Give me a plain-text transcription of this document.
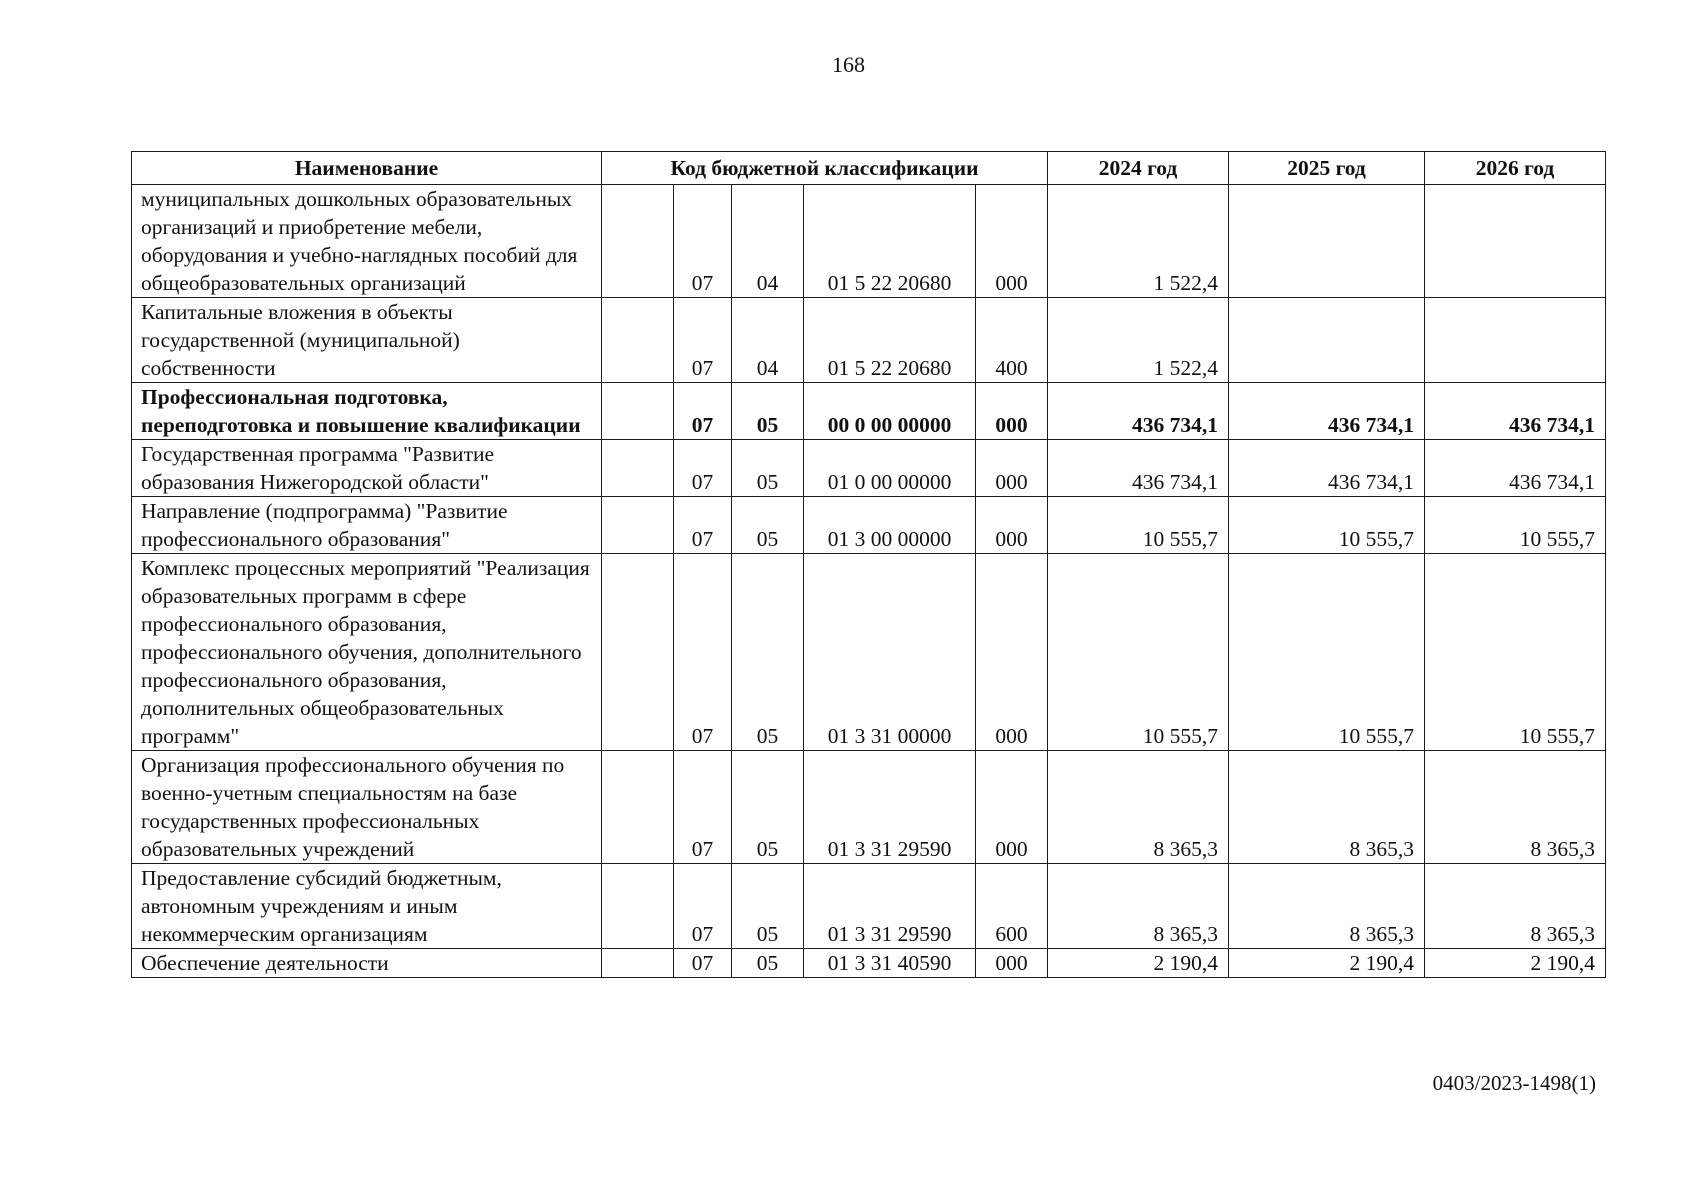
168
Наименование	Код бюджетной классификации					2024 год	2025 год	2026 год
муниципальных дошкольных образовательных организаций и приобретение мебели, оборудования и учебно-наглядных пособий для общеобразовательных организаций		07	04	01 5 22 20680	000	1 522,4		
Капитальные вложения в объекты государственной (муниципальной) собственности		07	04	01 5 22 20680	400	1 522,4		
Профессиональная подготовка, переподготовка и повышение квалификации		07	05	00 0 00 00000	000	436 734,1	436 734,1	436 734,1
Государственная программа "Развитие образования Нижегородской области"		07	05	01 0 00 00000	000	436 734,1	436 734,1	436 734,1
Направление (подпрограмма) "Развитие профессионального образования"		07	05	01 3 00 00000	000	10 555,7	10 555,7	10 555,7
Комплекс процессных мероприятий "Реализация образовательных программ в сфере профессионального образования, профессионального обучения, дополнительного профессионального образования, дополнительных общеобразовательных программ"		07	05	01 3 31 00000	000	10 555,7	10 555,7	10 555,7
Организация профессионального обучения по военно-учетным специальностям на базе государственных профессиональных образовательных учреждений		07	05	01 3 31 29590	000	8 365,3	8 365,3	8 365,3
Предоставление субсидий бюджетным, автономным учреждениям и иным некоммерческим организациям		07	05	01 3 31 29590	600	8 365,3	8 365,3	8 365,3
Обеспечение деятельности		07	05	01 3 31 40590	000	2 190,4	2 190,4	2 190,4
0403/2023-1498(1)
